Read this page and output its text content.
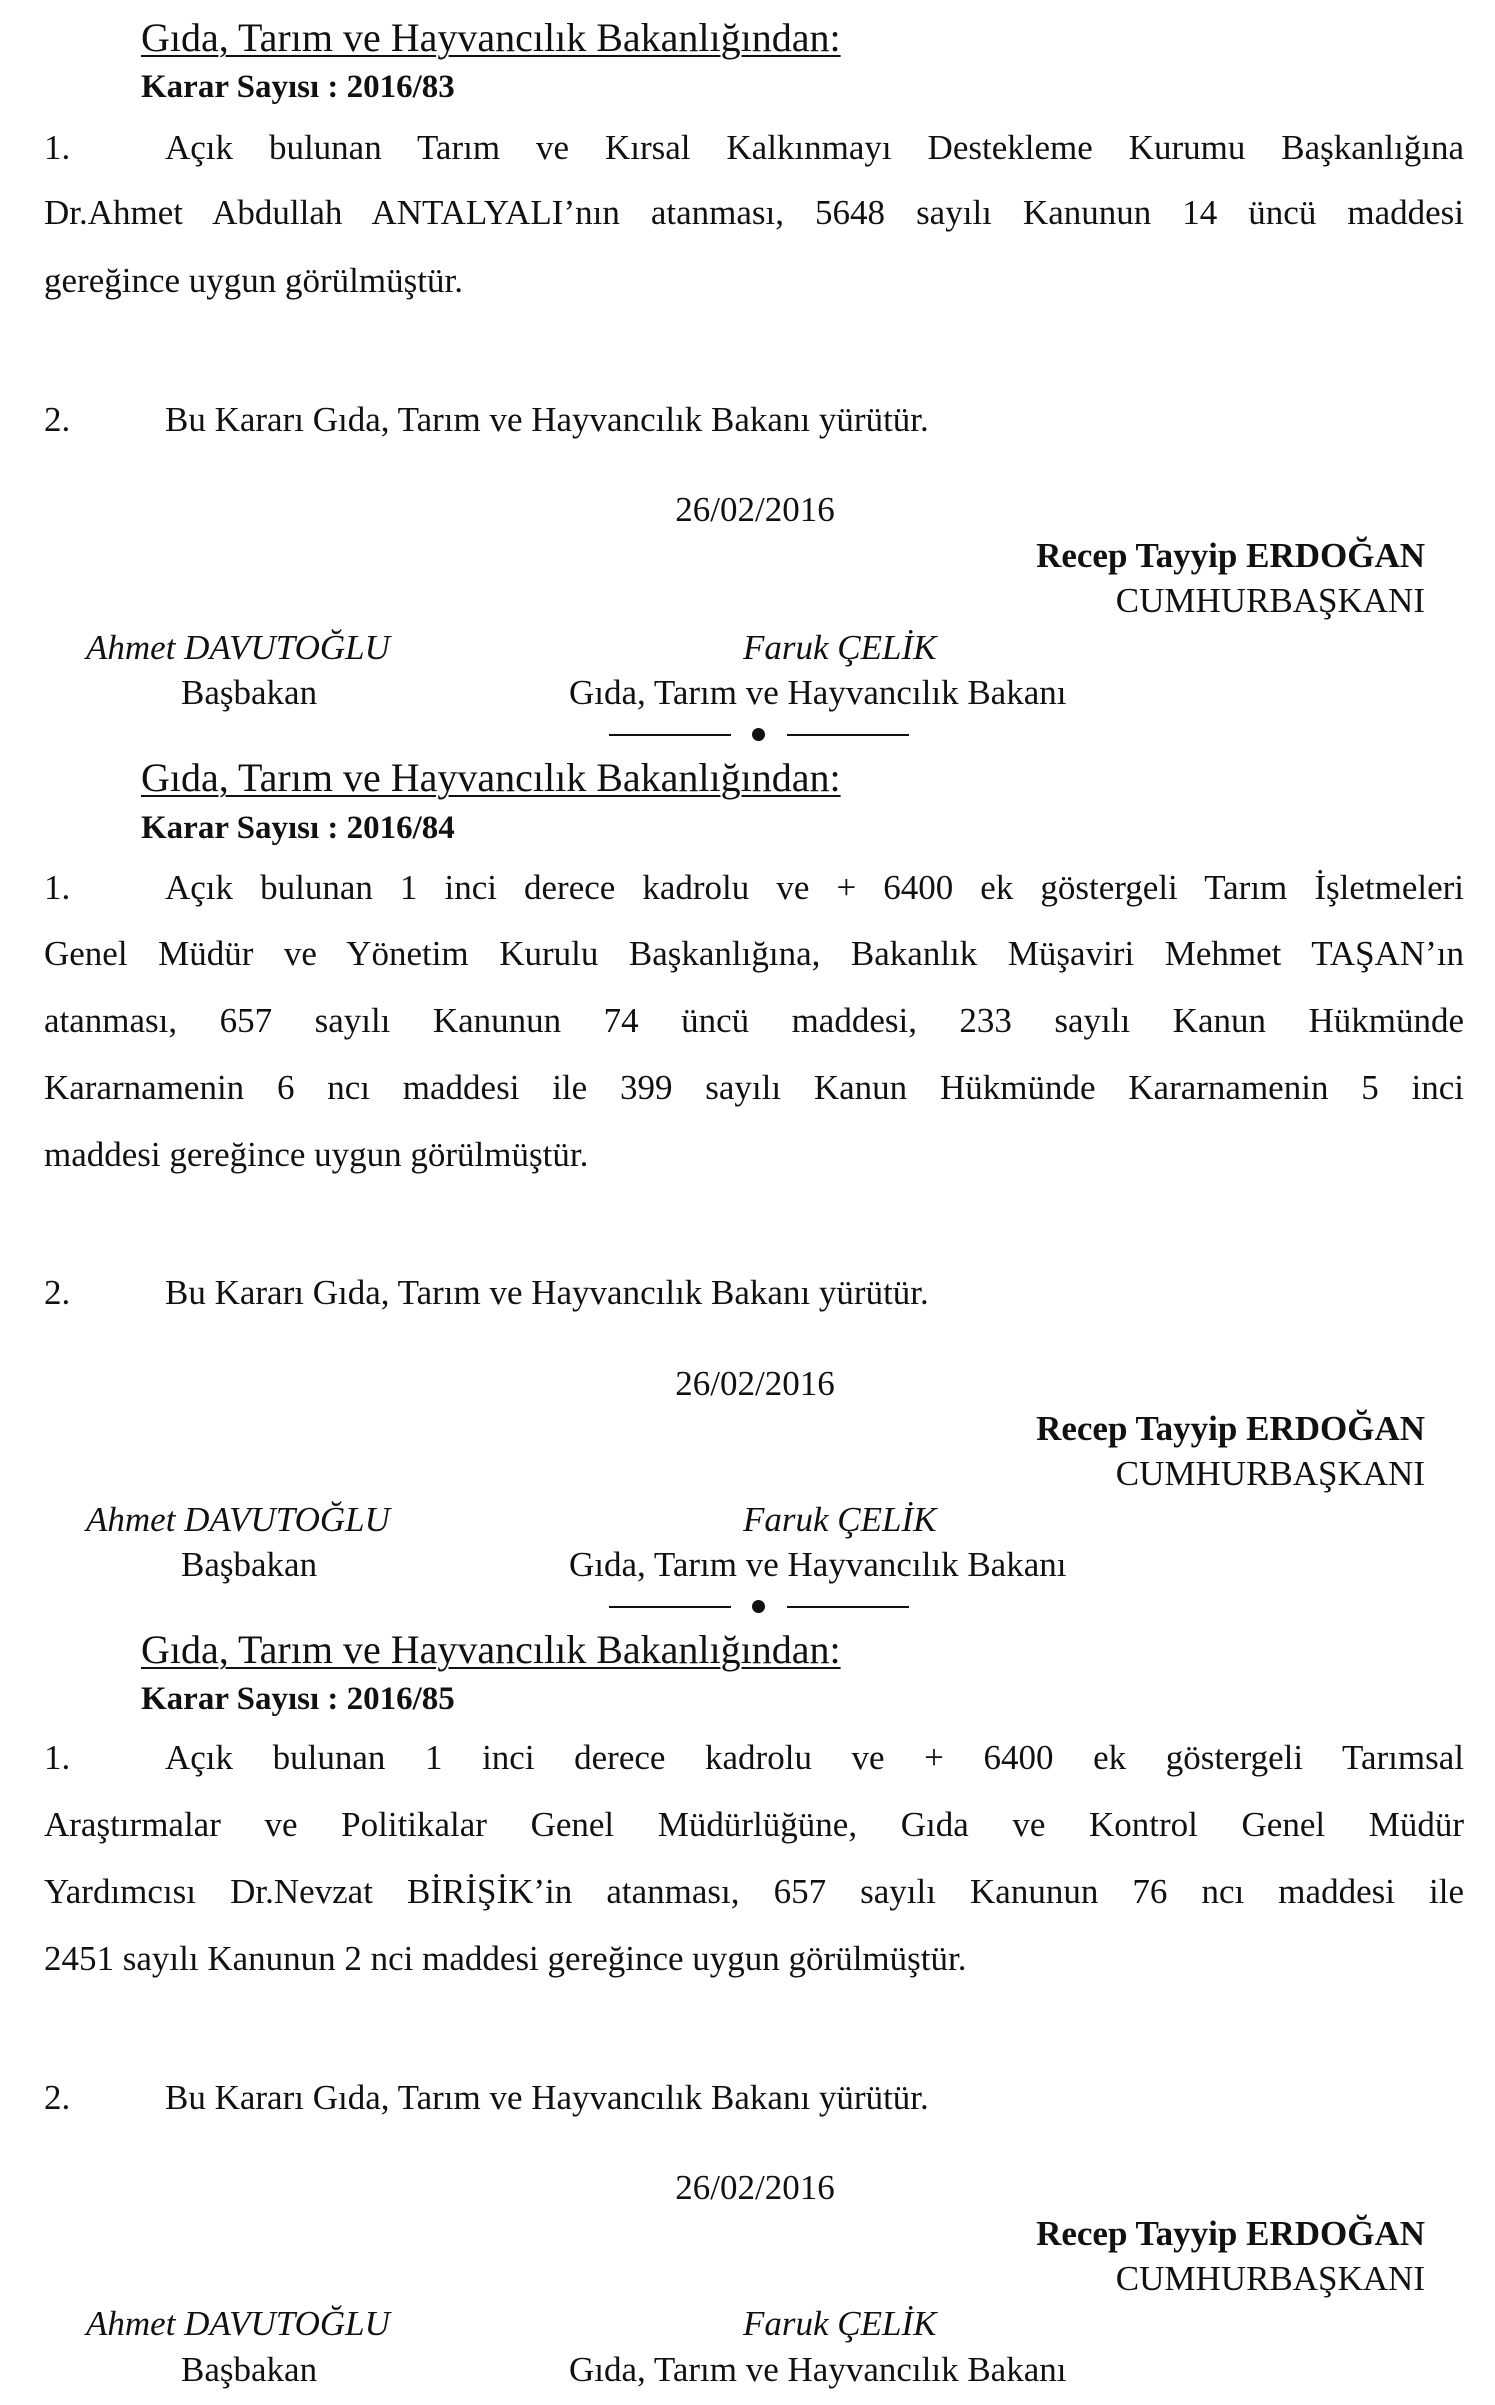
Gıda, Tarım ve Hayvancılık Bakanlığından:
Karar Sayısı : 2016/83
1.	Açık bulunan Tarım ve Kırsal Kalkınmayı Destekleme Kurumu Başkanlığına
Dr.Ahmet Abdullah ANTALYALI’nın atanması, 5648 sayılı Kanunun 14 üncü maddesi
gereğince uygun görülmüştür.
2.	Bu Kararı Gıda, Tarım ve Hayvancılık Bakanı yürütür.
26/02/2016
Recep Tayyip ERDOĞAN
CUMHURBAŞKANI
Ahmet DAVUTOĞLU	Faruk ÇELİK
Başbakan	Gıda, Tarım ve Hayvancılık Bakanı
Gıda, Tarım ve Hayvancılık Bakanlığından:
Karar Sayısı : 2016/84
1.	Açık bulunan 1 inci derece kadrolu ve + 6400 ek göstergeli Tarım İşletmeleri
Genel Müdür ve Yönetim Kurulu Başkanlığına, Bakanlık Müşaviri Mehmet TAŞAN’ın
atanması, 657 sayılı Kanunun 74 üncü maddesi, 233 sayılı Kanun Hükmünde
Kararnamenin 6 ncı maddesi ile 399 sayılı Kanun Hükmünde Kararnamenin 5 inci
maddesi gereğince uygun görülmüştür.
2.	Bu Kararı Gıda, Tarım ve Hayvancılık Bakanı yürütür.
26/02/2016
Recep Tayyip ERDOĞAN
CUMHURBAŞKANI
Ahmet DAVUTOĞLU	Faruk ÇELİK
Başbakan	Gıda, Tarım ve Hayvancılık Bakanı
Gıda, Tarım ve Hayvancılık Bakanlığından:
Karar Sayısı : 2016/85
1.	Açık bulunan 1 inci derece kadrolu ve + 6400 ek göstergeli Tarımsal
Araştırmalar ve Politikalar Genel Müdürlüğüne, Gıda ve Kontrol Genel Müdür
Yardımcısı Dr.Nevzat BİRİŞİK’in atanması, 657 sayılı Kanunun 76 ncı maddesi ile
2451 sayılı Kanunun 2 nci maddesi gereğince uygun görülmüştür.
2.	Bu Kararı Gıda, Tarım ve Hayvancılık Bakanı yürütür.
26/02/2016
Recep Tayyip ERDOĞAN
CUMHURBAŞKANI
Ahmet DAVUTOĞLU	Faruk ÇELİK
Başbakan	Gıda, Tarım ve Hayvancılık Bakanı
